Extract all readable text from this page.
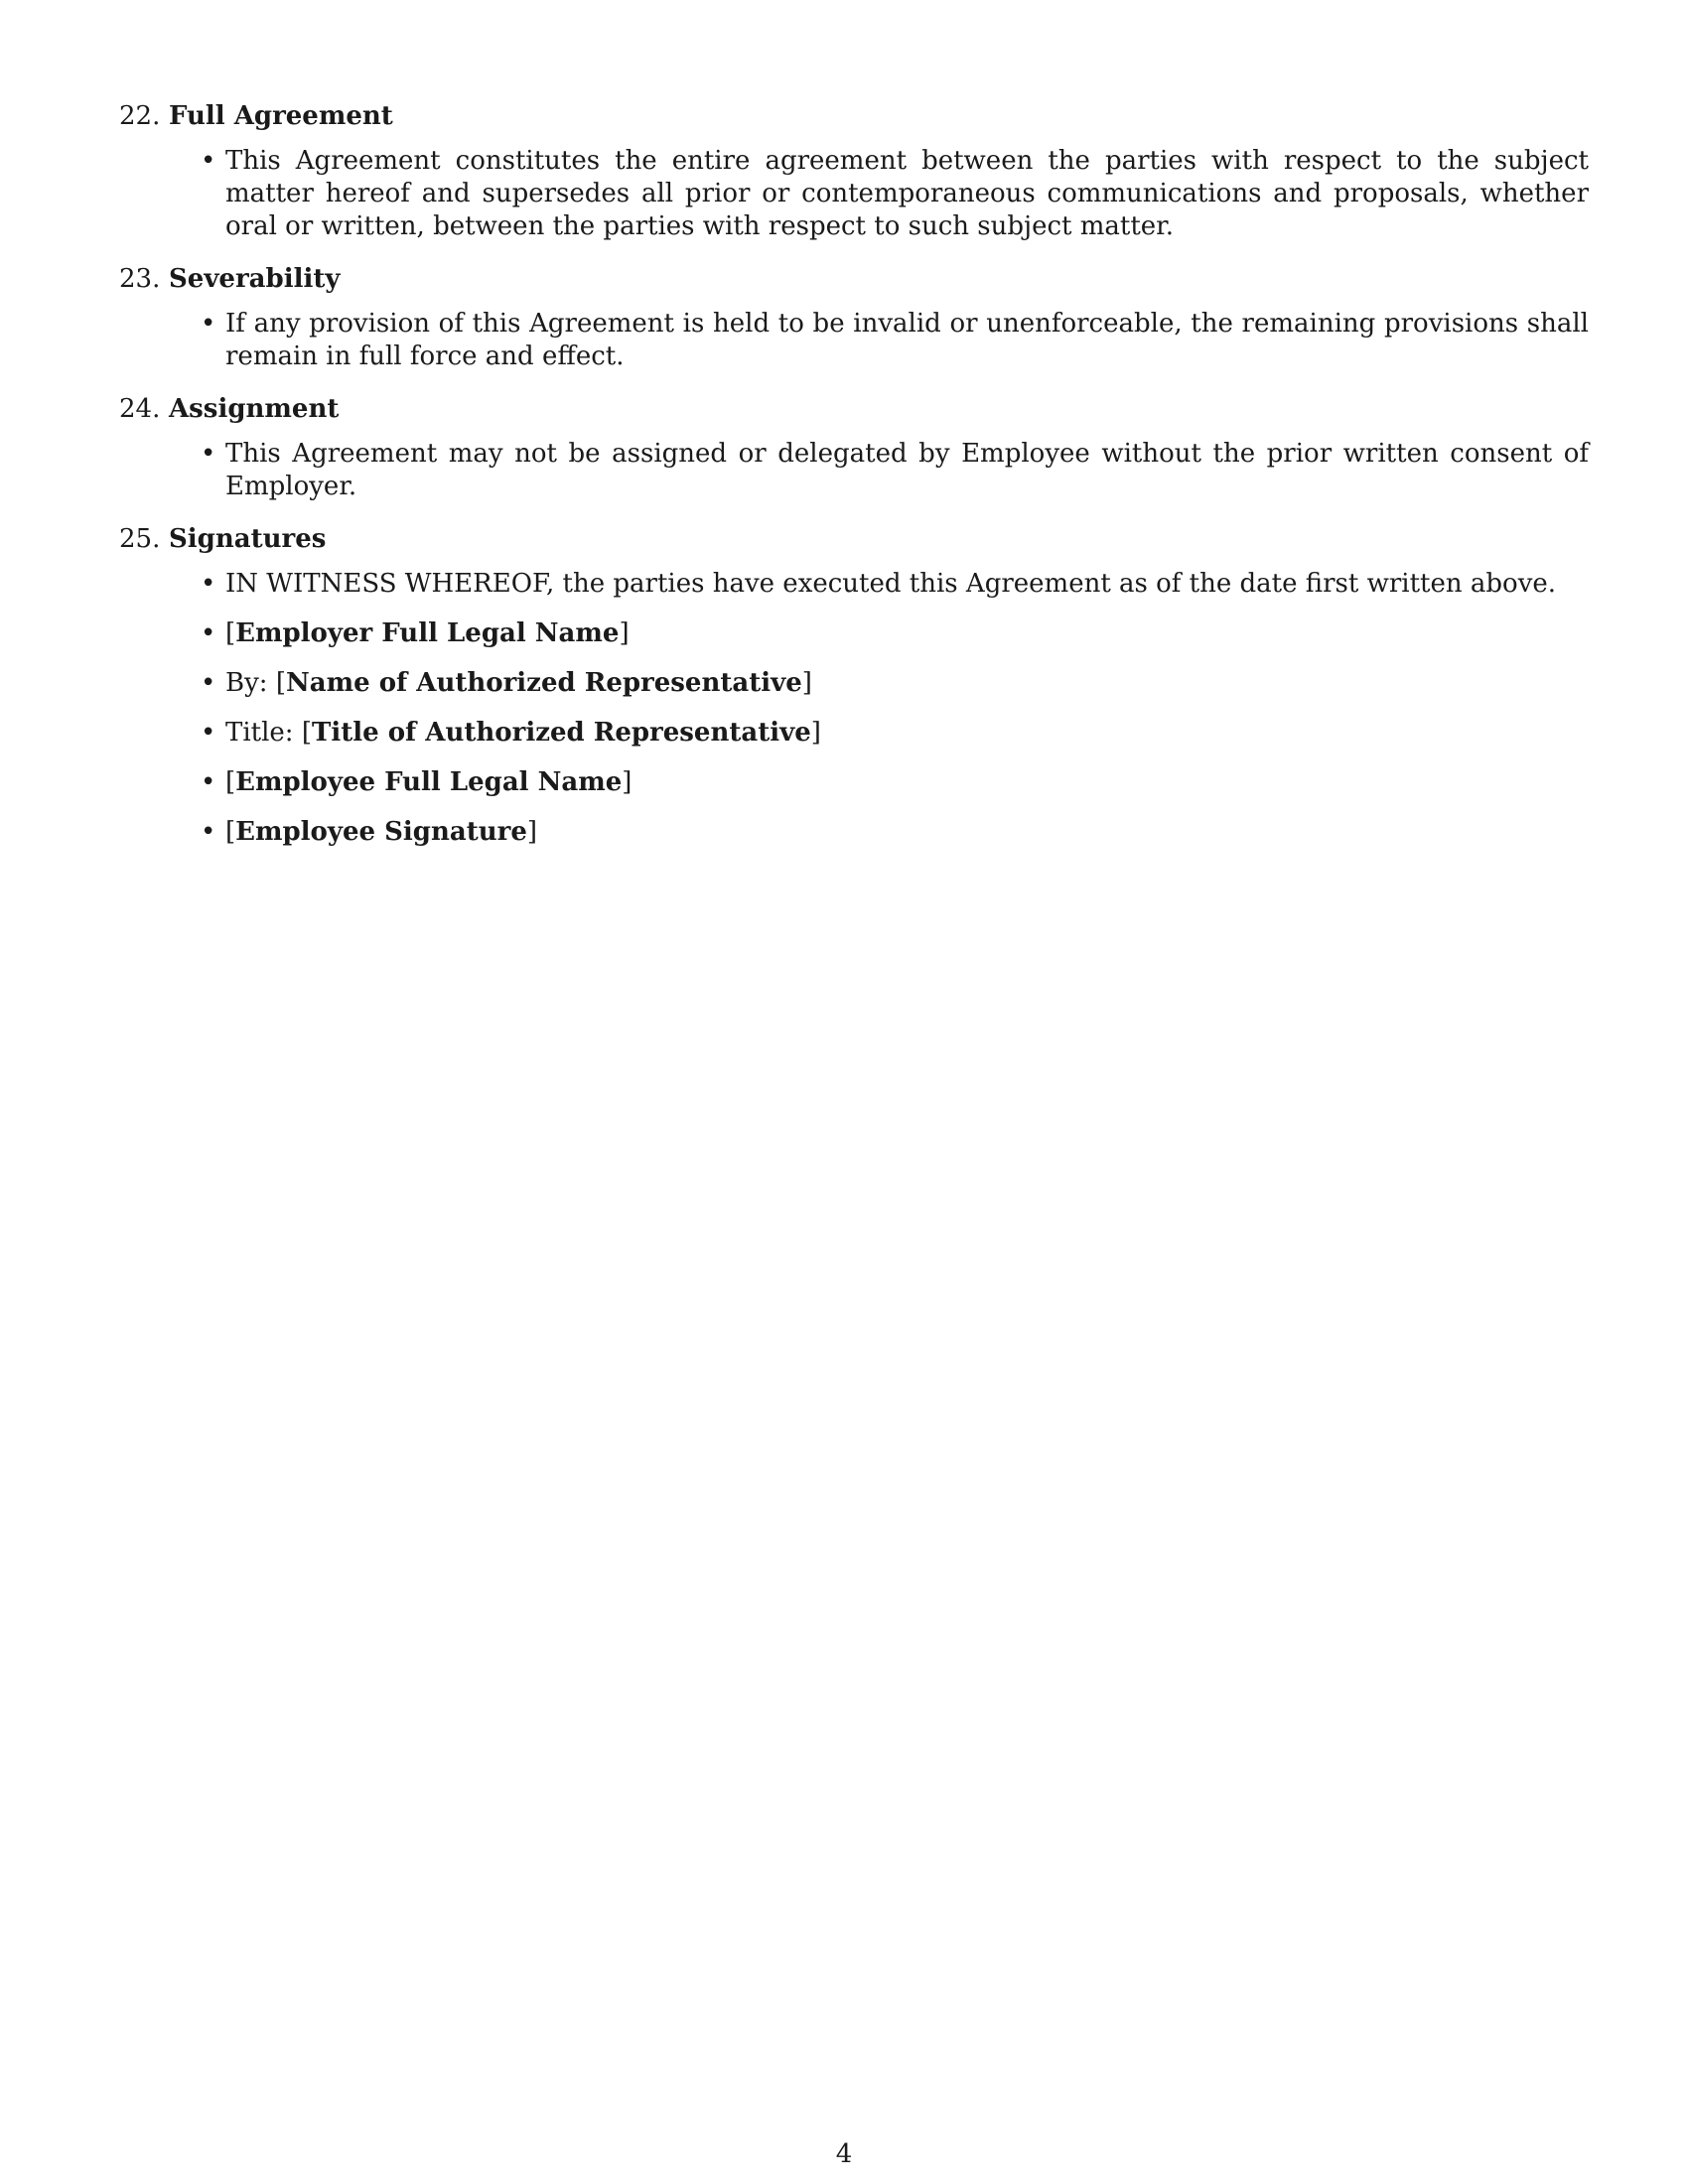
22. Full Agreement
• This Agreement constitutes the entire agreement between the parties with respect to the subject matter hereof and supersedes all prior or contemporaneous communications and proposals, whether oral or written, between the parties with respect to such subject matter.
23. Severability
• If any provision of this Agreement is held to be invalid or unenforceable, the remaining provisions shall remain in full force and effect.
24. Assignment
• This Agreement may not be assigned or delegated by Employee without the prior written consent of Employer.
25. Signatures
• IN WITNESS WHEREOF, the parties have executed this Agreement as of the date first written above.
• [Employer Full Legal Name]
• By: [Name of Authorized Representative]
• Title: [Title of Authorized Representative]
• [Employee Full Legal Name]
• [Employee Signature]
4
